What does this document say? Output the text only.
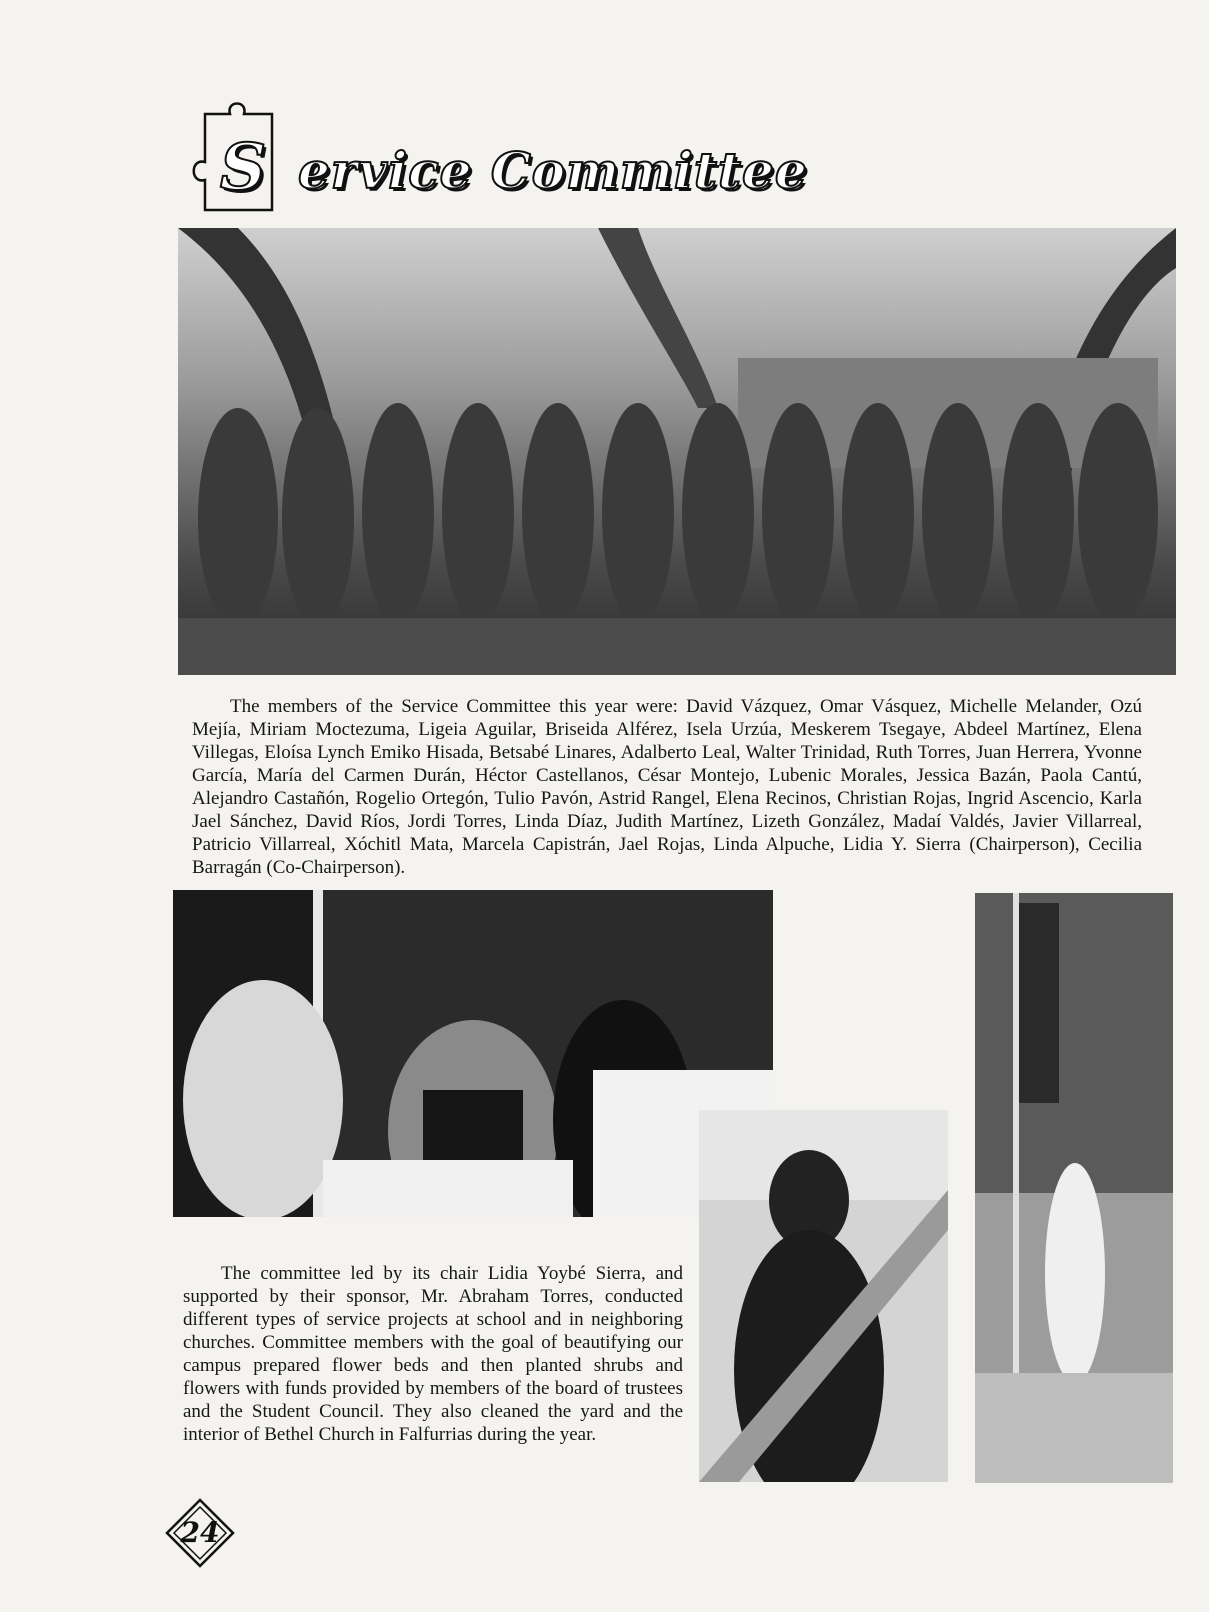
S ervice Committee

The members of the Service Committee this year were: David Vázquez, Omar Vásquez, Michelle Melander, Ozú Mejía, Miriam Moctezuma, Ligeia Aguilar, Briseida Alférez, Isela Urzúa, Meskerem Tsegaye, Abdeel Martínez, Elena Villegas, Eloísa Lynch Emiko Hisada, Betsabé Linares, Adalberto Leal, Walter Trinidad, Ruth Torres, Juan Herrera, Yvonne García, María del Carmen Durán, Héctor Castellanos, César Montejo, Lubenic Morales, Jessica Bazán, Paola Cantú, Alejandro Castañón, Rogelio Ortegón, Tulio Pavón, Astrid Rangel, Elena Recinos, Christian Rojas, Ingrid Ascencio, Karla Jael Sánchez, David Ríos, Jordi Torres, Linda Díaz, Judith Martínez, Lizeth González, Madaí Valdés, Javier Villarreal, Patricio Villarreal, Xóchitl Mata, Marcela Capistrán, Jael Rojas, Linda Alpuche, Lidia Y. Sierra (Chairperson), Cecilia Barragán (Co-Chairperson).

The committee led by its chair Lidia Yoybé Sierra, and supported by their sponsor, Mr. Abraham Torres, conducted different types of service projects at school and in neighboring churches. Committee members with the goal of beautifying our campus prepared flower beds and then planted shrubs and flowers with funds provided by members of the board of trustees and the Student Council. They also cleaned the yard and the interior of Bethel Church in Falfurrias during the year.

24
